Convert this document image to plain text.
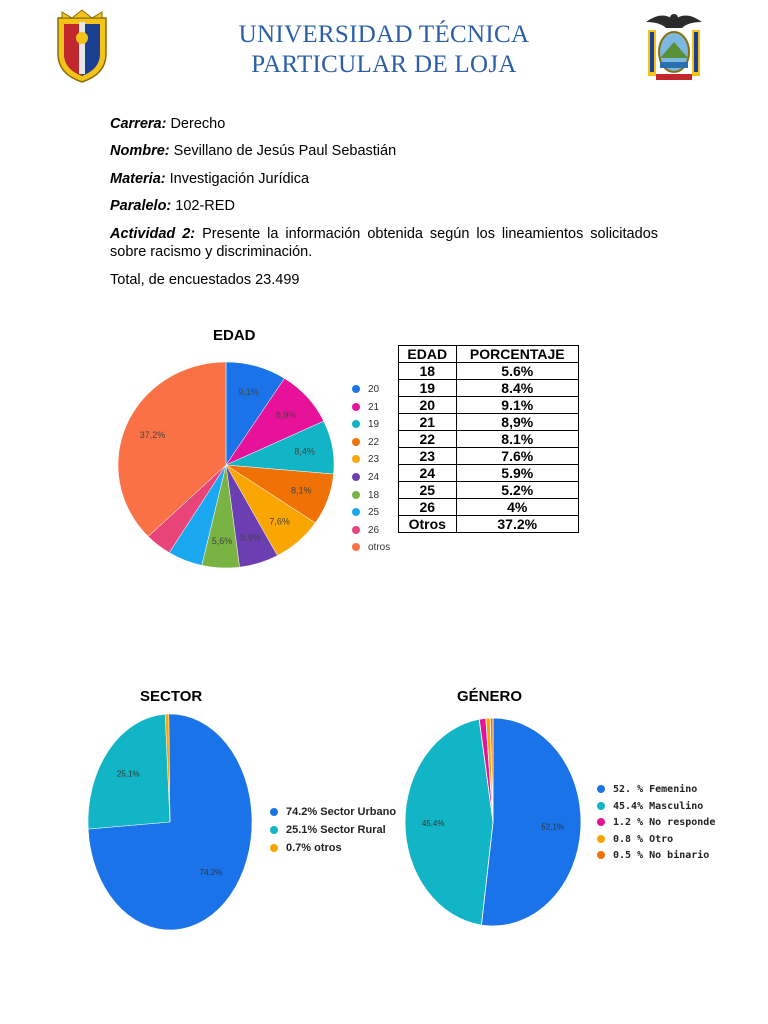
UNIVERSIDAD TÉCNICA
PARTICULAR DE LOJA
Carrera: Derecho
Nombre: Sevillano de Jesús Paul Sebastián
Materia: Investigación Jurídica
Paralelo: 102-RED
Actividad 2: Presente la información obtenida según los lineamientos solicitados sobre racismo y discriminación.
Total, de encuestados 23.499
EDAD
9,1%
8,9%
8,4%
8,1%
7,6%
5,9%
5,6%
37,2%
20
21
19
22
23
24
18
25
26
otros
EDAD	PORCENTAJE
18	5.6%
19	8.4%
20	9.1%
21	8,9%
22	8.1%
23	7.6%
24	5.9%
25	5.2%
26	4%
Otros	37.2%
SECTOR
74,2%
25,1%
74.2% Sector Urbano
25.1% Sector Rural
0.7% otros
GÉNERO
52,1%
45,4%
52. % Femenino
45.4% Masculino
1.2 % No responde
0.8 % Otro
0.5 % No binario
